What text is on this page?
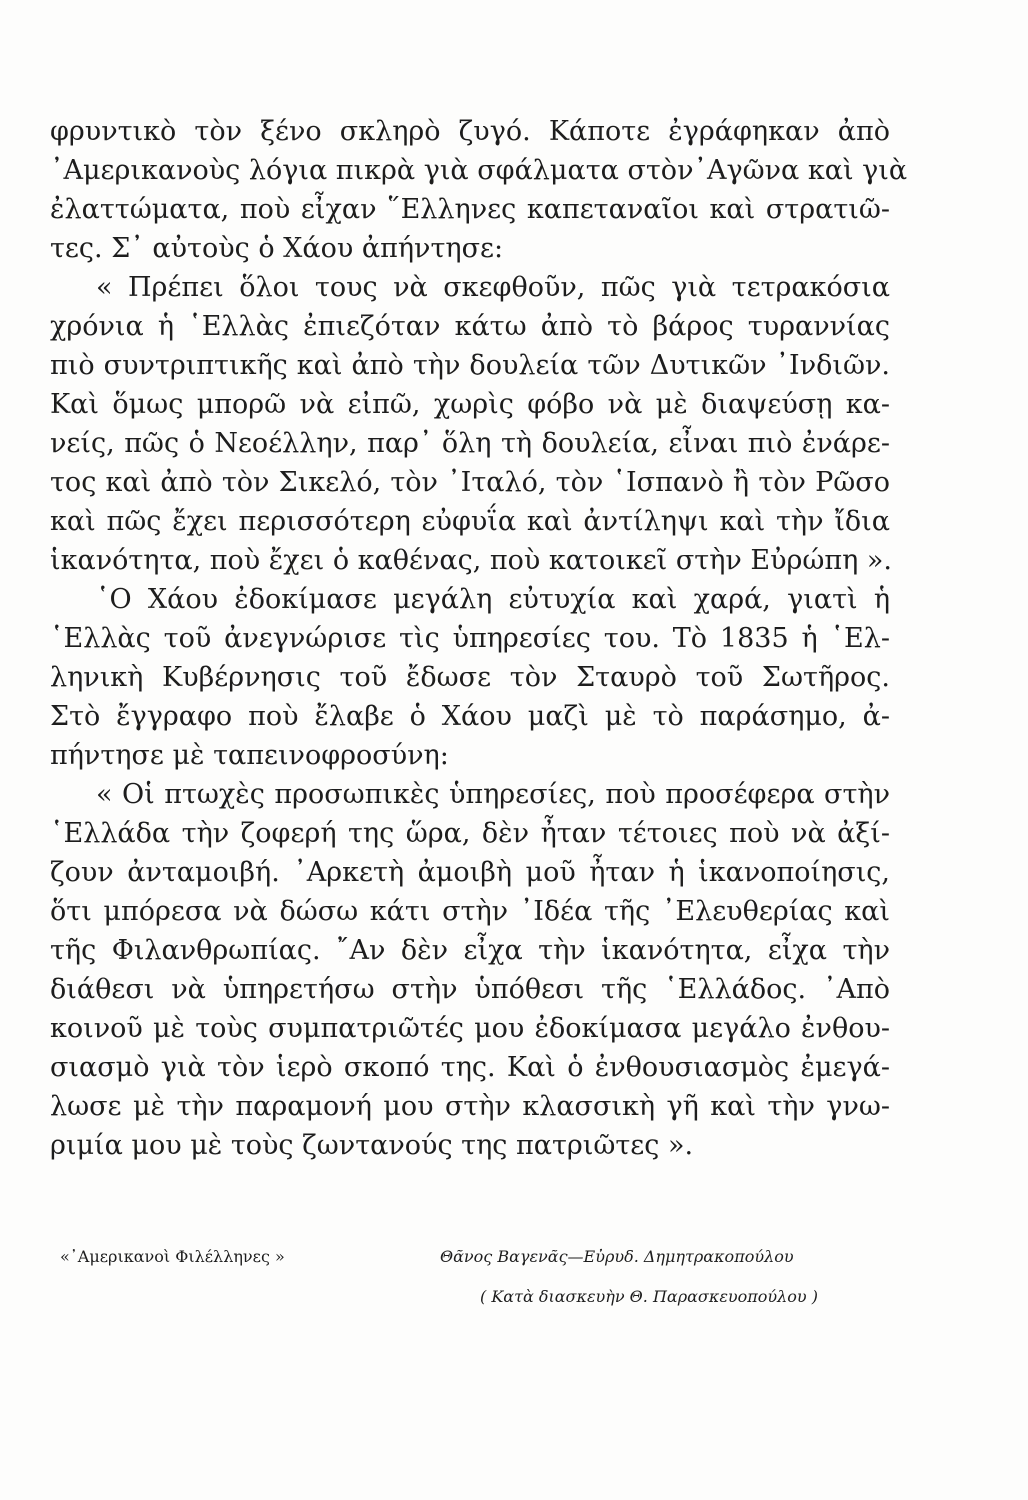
φρυντικὸ τὸν ξένο σκληρὸ ζυγό. Κάποτε ἐγράφηκαν ἀπὸ
᾿Αμερικανοὺς λόγια πικρὰ γιὰ σφάλματα στὸν᾿Αγῶνα καὶ γιὰ
ἐλαττώματα, ποὺ εἶχαν ῞Ελληνες καπεταναῖοι καὶ στρατιῶ-
τες. Σ᾿ αὐτοὺς ὁ Χάου ἀπήντησε:
« Πρέπει ὅλοι τους νὰ σκεφθοῦν, πῶς γιὰ τετρακόσια
χρόνια ἡ ῾Ελλὰς ἐπιεζόταν κάτω ἀπὸ τὸ βάρος τυραννίας
πιὸ συντριπτικῆς καὶ ἀπὸ τὴν δουλεία τῶν Δυτικῶν ᾿Ινδιῶν.
Καὶ ὅμως μπορῶ νὰ εἰπῶ, χωρὶς φόβο νὰ μὲ διαψεύσῃ κα-
νείς, πῶς ὁ Νεοέλλην, παρ᾿ ὅλη τὴ δουλεία, εἶναι πιὸ ἐνάρε-
τος καὶ ἀπὸ τὸν Σικελό, τὸν ᾿Ιταλό, τὸν ῾Ισπανὸ ἢ τὸν Ρῶσο
καὶ πῶς ἔχει περισσότερη εὐφυΐα καὶ ἀντίληψι καὶ τὴν ἴδια
ἱκανότητα, ποὺ ἔχει ὁ καθένας, ποὺ κατοικεῖ στὴν Εὐρώπη ».
῾Ο Χάου ἐδοκίμασε μεγάλη εὐτυχία καὶ χαρά, γιατὶ ἡ
῾Ελλὰς τοῦ ἀνεγνώρισε τὶς ὑπηρεσίες του. Τὸ 1835 ἡ ῾Ελ-
ληνικὴ Κυβέρνησις τοῦ ἔδωσε τὸν Σταυρὸ τοῦ Σωτῆρος.
Στὸ ἔγγραφο ποὺ ἔλαβε ὁ Χάου μαζὶ μὲ τὸ παράσημο, ἀ-
πήντησε μὲ ταπεινοφροσύνη:
« Οἱ πτωχὲς προσωπικὲς ὑπηρεσίες, ποὺ προσέφερα στὴν
῾Ελλάδα τὴν ζοφερή της ὥρα, δὲν ἦταν τέτοιες ποὺ νὰ ἀξί-
ζουν ἀνταμοιβή. ᾿Αρκετὴ ἀμοιβὴ μοῦ ἦταν ἡ ἱκανοποίησις,
ὅτι μπόρεσα νὰ δώσω κάτι στὴν ᾿Ιδέα τῆς ᾿Ελευθερίας καὶ
τῆς Φιλανθρωπίας. ῎Αν δὲν εἶχα τὴν ἱκανότητα, εἶχα τὴν
διάθεσι νὰ ὑπηρετήσω στὴν ὑπόθεσι τῆς ῾Ελλάδος. ᾿Απὸ
κοινοῦ μὲ τοὺς συμπατριῶτές μου ἐδοκίμασα μεγάλο ἐνθου-
σιασμὸ γιὰ τὸν ἱερὸ σκοπό της. Καὶ ὁ ἐνθουσιασμὸς ἐμεγά-
λωσε μὲ τὴν παραμονή μου στὴν κλασσικὴ γῆ καὶ τὴν γνω-
ριμία μου μὲ τοὺς ζωντανούς της πατριῶτες ».
«᾿Αμερικανοὶ Φιλέλληνες »	Θᾶνος Βαγενᾶς—Εὐρυδ. Δημητρακοπούλου
( Κατὰ διασκευὴν Θ. Παρασκευοπούλου )
